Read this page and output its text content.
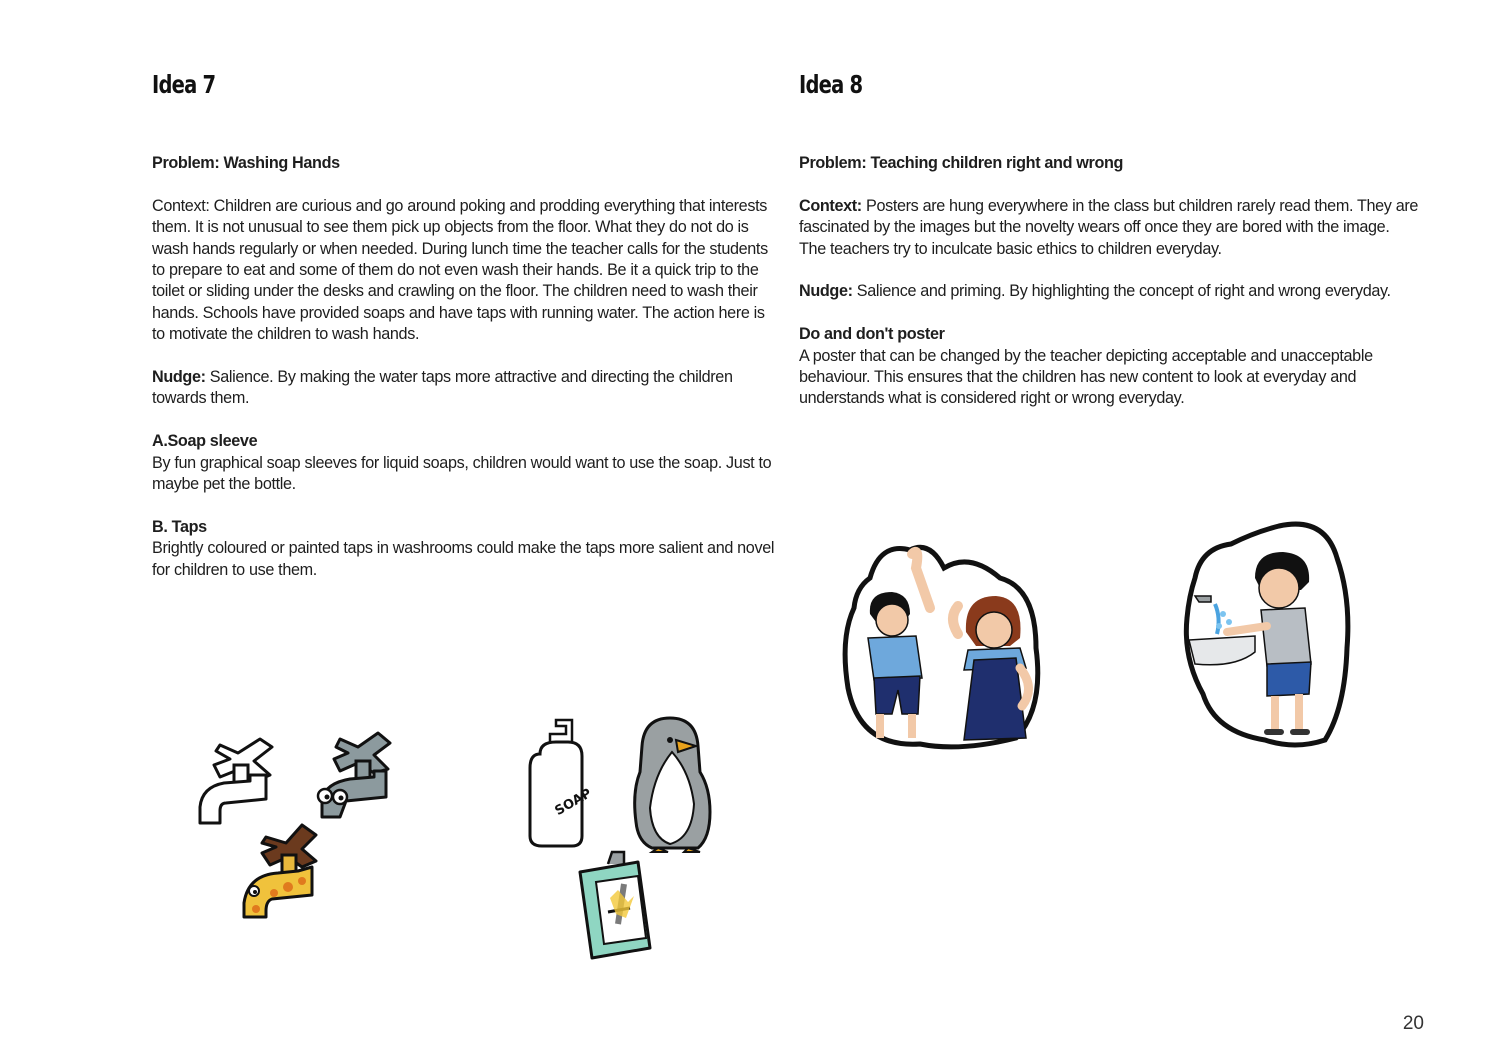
Idea 7

Problem: Washing Hands

Context: Children are curious and go around poking and prodding everything that interests them. It is not unusual to see them pick up objects from the floor. What they do not do is wash hands regularly or when needed. During lunch time the teacher calls for the students to prepare to eat and some of them do not even wash their hands. Be it a quick trip to the toilet or sliding under the desks and crawling on the floor. The children need to wash their hands. Schools have provided soaps and have taps with running water. The action here is to motivate the children to wash hands.

Nudge: Salience. By making the water taps more attractive and directing the children towards them.

A.Soap sleeve
By fun graphical soap sleeves for liquid soaps, children would want to use the soap. Just to maybe pet the bottle.

B. Taps
Brightly coloured or painted taps in washrooms could make the taps more salient and novel for children to use them.

SOAP
Idea 8

Problem: Teaching children right and wrong

Context: Posters are hung everywhere in the class but children rarely read them. They are fascinated by the images but the novelty wears off once they are bored with the image.
The teachers try to inculcate basic ethics to children everyday.

Nudge: Salience and priming. By highlighting the concept of right and wrong everyday.

Do and don't poster
A poster that can be changed by the teacher depicting acceptable and unacceptable behaviour. This ensures that the children has new content to look at everyday and understands what is considered right or wrong everyday.

20
